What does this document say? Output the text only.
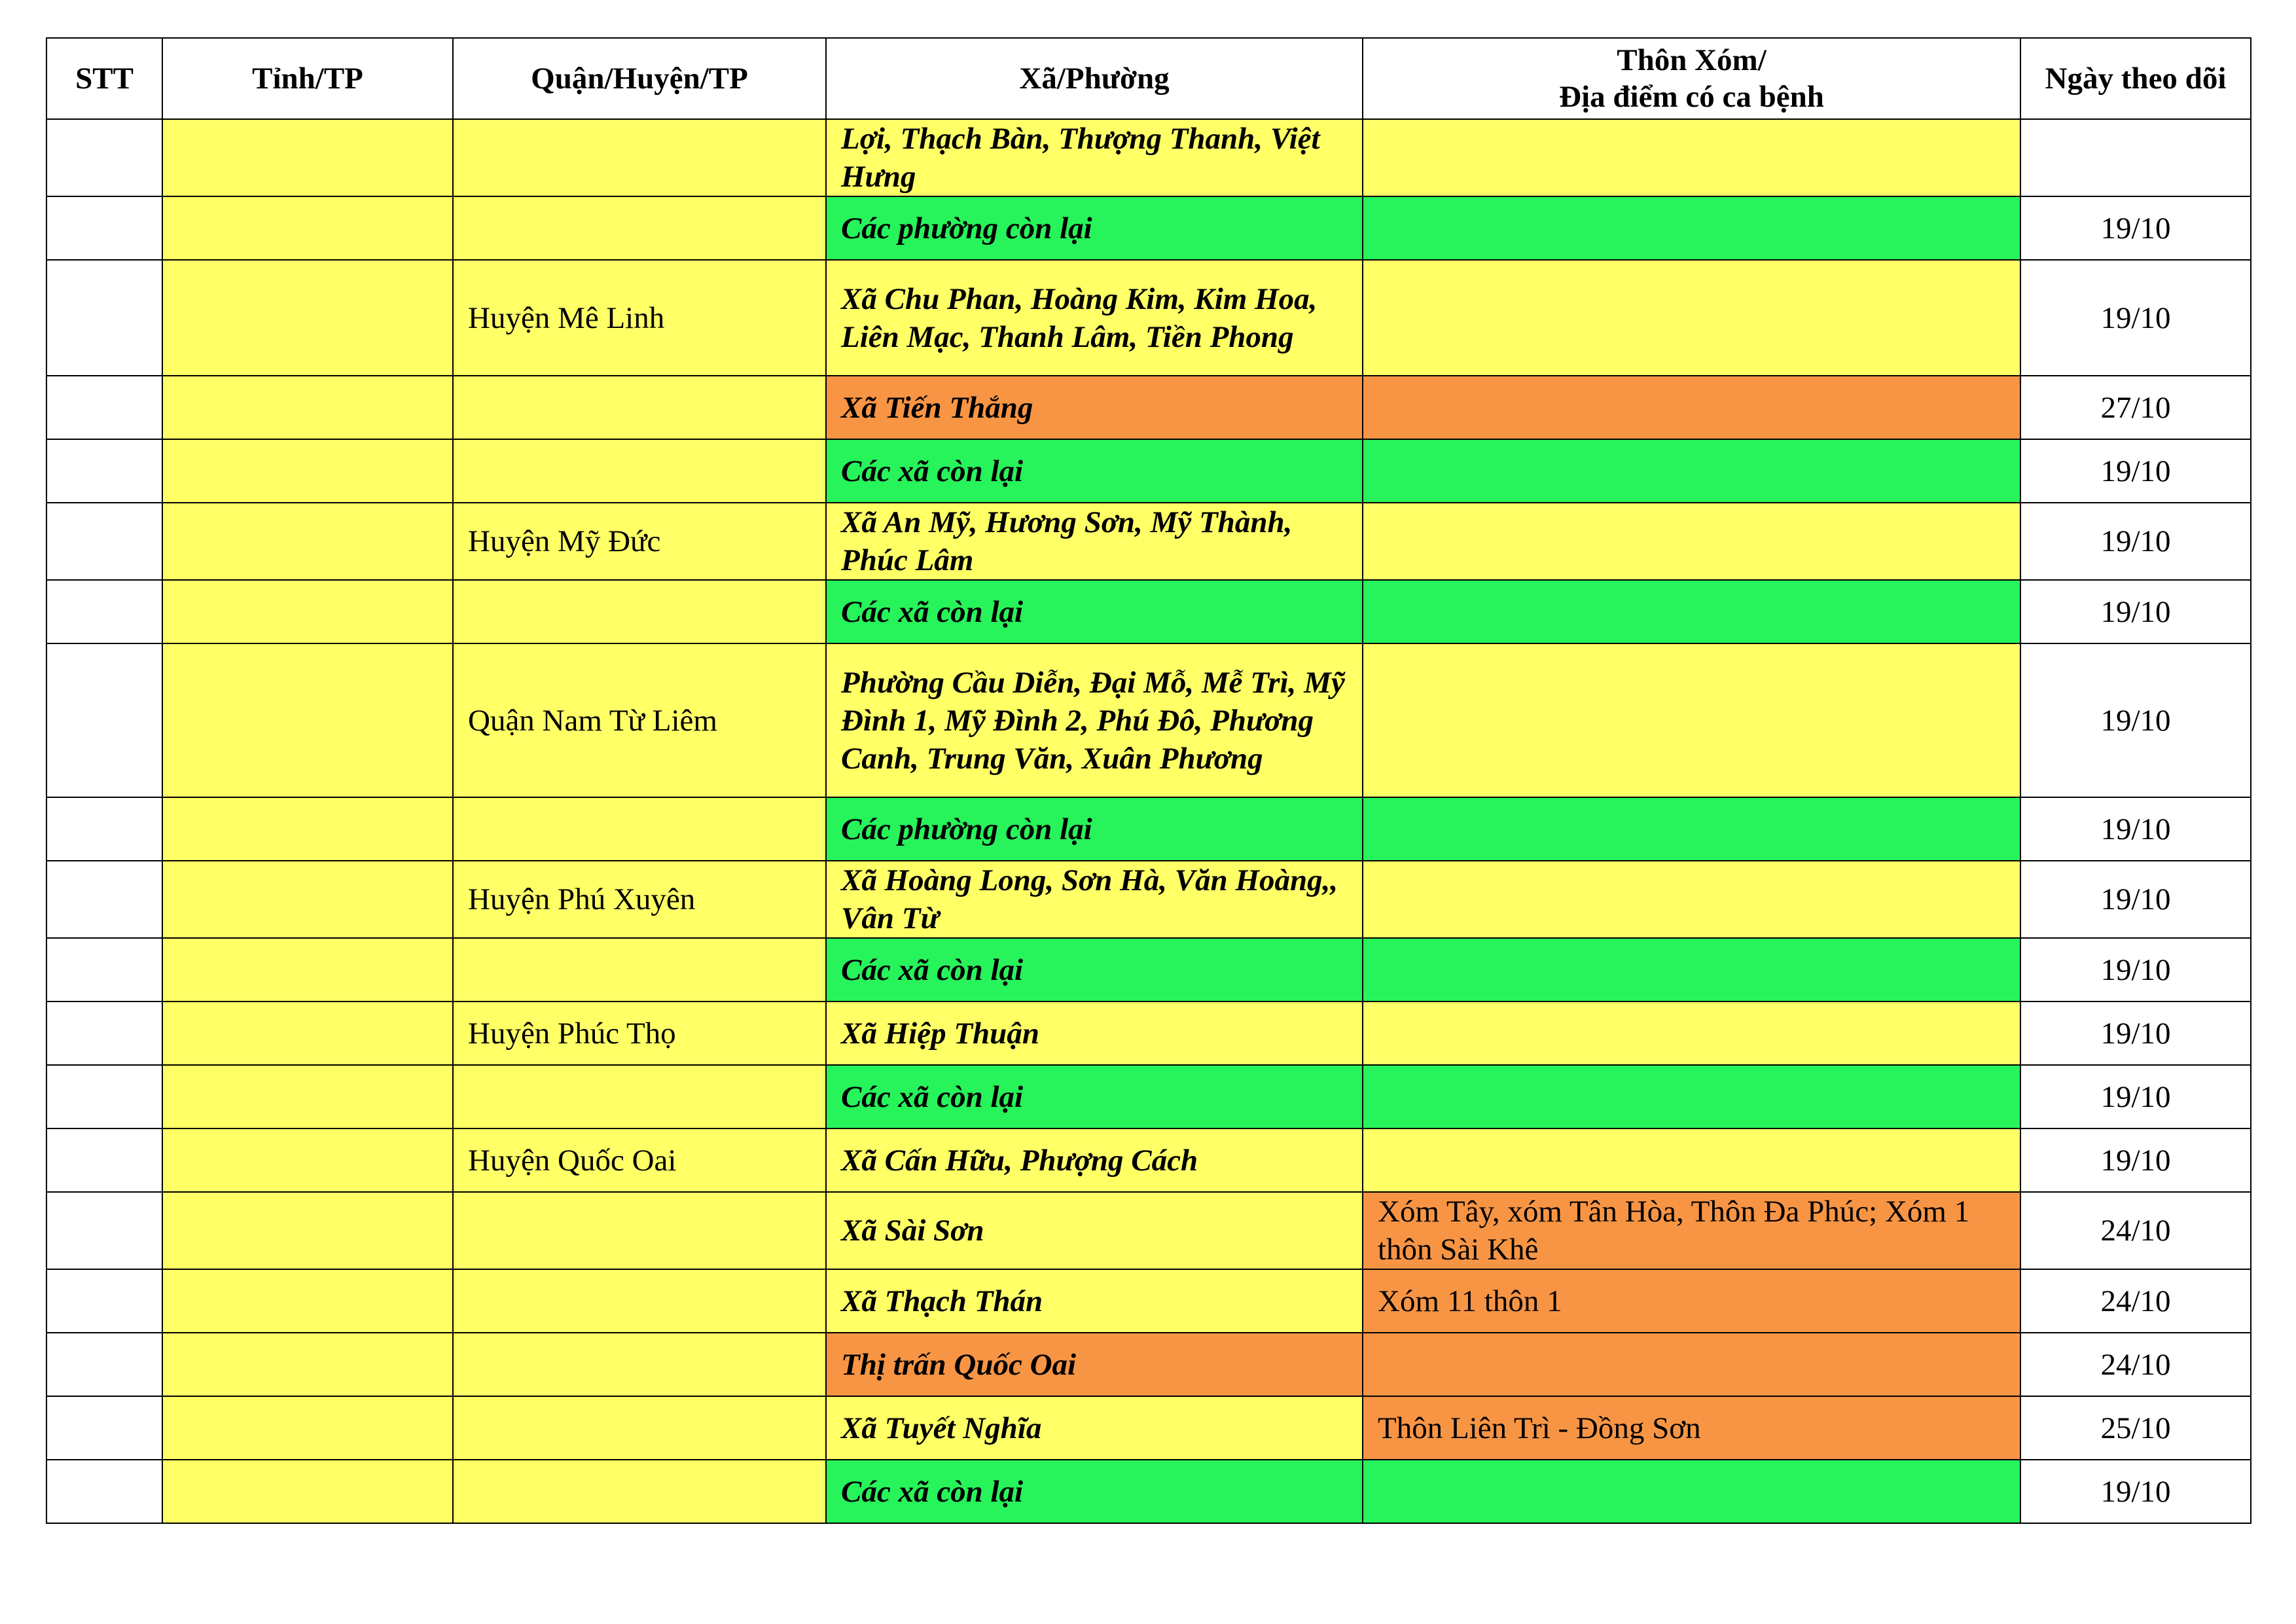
STT	Tỉnh/TP	Quận/Huyện/TP	Xã/Phường	Thôn Xóm/
Địa điểm có ca bệnh	Ngày theo dõi
			Lợi, Thạch Bàn, Thượng Thanh, Việt Hưng		
			Các phường còn lại		19/10
		Huyện Mê Linh	Xã Chu Phan, Hoàng Kim, Kim Hoa, Liên Mạc, Thanh Lâm, Tiền Phong		19/10
			Xã Tiến Thắng		27/10
			Các xã còn lại		19/10
		Huyện Mỹ Đức	Xã An Mỹ, Hương Sơn, Mỹ Thành, Phúc Lâm		19/10
			Các xã còn lại		19/10
		Quận Nam Từ Liêm	Phường Cầu Diễn, Đại Mỗ, Mễ Trì, Mỹ Đình 1, Mỹ Đình 2, Phú Đô, Phương Canh, Trung Văn, Xuân Phương		19/10
			Các phường còn lại		19/10
		Huyện Phú Xuyên	Xã Hoàng Long, Sơn Hà, Văn Hoàng,, Vân Từ		19/10
			Các xã còn lại		19/10
		Huyện Phúc Thọ	Xã Hiệp Thuận		19/10
			Các xã còn lại		19/10
		Huyện Quốc Oai	Xã Cấn Hữu, Phượng Cách		19/10
			Xã Sài Sơn	Xóm Tây, xóm Tân Hòa, Thôn Đa Phúc; Xóm 1 thôn Sài Khê	24/10
			Xã Thạch Thán	Xóm 11 thôn 1	24/10
			Thị trấn Quốc Oai		24/10
			Xã Tuyết Nghĩa	Thôn Liên Trì - Đồng Sơn	25/10
			Các xã còn lại		19/10
